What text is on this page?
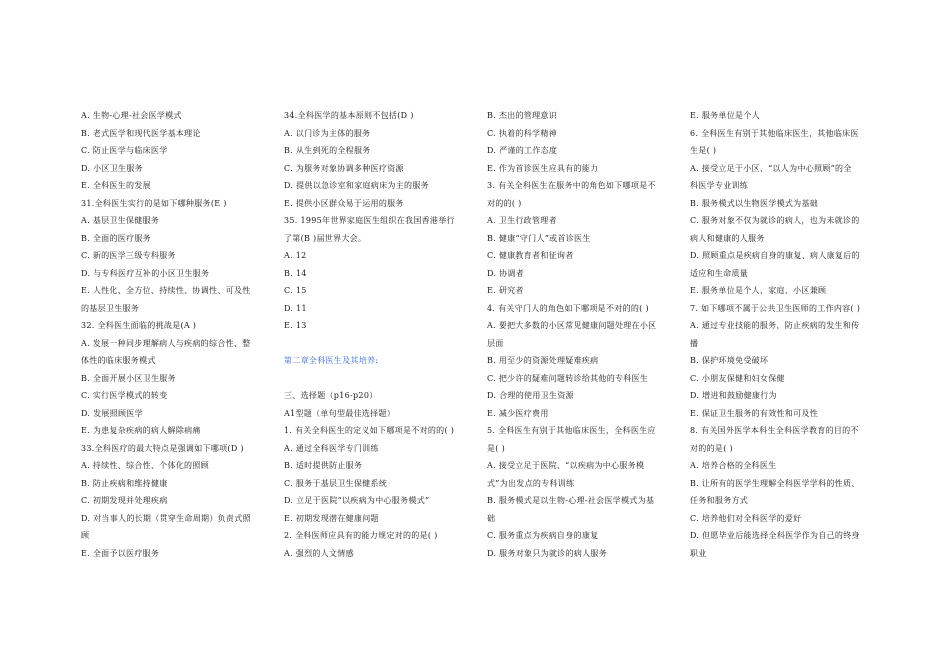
A. 生物-心理-社会医学模式
B. 老式医学和现代医学基本理论
C. 防止医学与临床医学
D. 小区卫生服务
E. 全科医生的发展
31.全科医生实行的是如下哪种服务(E )
A. 基层卫生保健服务
B. 全面的医疗服务
C. 新的医学三级专科服务
D. 与专科医疗互补的小区卫生服务
E. 人性化、全方位、持续性、协调性、可及性
的基层卫生服务
32. 全科医生面临的挑战是(A )
A. 发展一种同步理解病人与疾病的综合性、整
体性的临床服务模式
B. 全面开展小区卫生服务
C. 实行医学模式的转变
D. 发展照顾医学
E. 为患复杂疾病的病人解除病痛
33.全科医疗的最大特点是强调如下哪项(D )
A. 持续性、综合性、个体化的照顾
B. 防止疾病和维持健康
C. 初期发现并处理疾病
D. 对当事人的长期（贯穿生命周期）负责式照
顾
E. 全面予以医疗服务
34.全科医学的基本原则不包括(D )
A. 以门诊为主体的服务
B. 从生到死的全程服务
C. 为服务对象协调多种医疗资源
D. 提供以急诊室和家庭病床为主的服务
E. 提供小区群众易于运用的服务
35. 1995年世界家庭医生组织在我国香港举行
了第(B )届世界大会。
A. 12
B. 14
C. 15
D. 11
E. 13
第二章全科医生及其培养:
三、选择题（p16-p20）
A1型题（单句型最佳选择题）
1. 有关全科医生的定义如下哪项是不对的的( )
A. 通过全科医学专门训练
B. 适时提供防止服务
C. 服务于基层卫生保健系统
D. 立足于医院“以疾病为中心服务模式”
E. 初期发现潜在健康问题
2. 全科医师应具有的能力规定对的的是( )
A. 强烈的人文情感
B. 杰出的管理意识
C. 执着的科学精神
D. 严谨的工作态度
E. 作为首诊医生应具有的能力
3. 有关全科医生在服务中的角色如下哪项是不
对的的( )
A. 卫生行政管理者
B. 健康“守门人”或首诊医生
C. 健康教育者和征询者
D. 协调者
E. 研究者
4. 有关守门人的角色如下哪项是不对的的( )
A. 要把大多数的小区常见健康问题处理在小区
层面
B. 用至少的资源处理疑难疾病
C. 把少许的疑难问题转诊给其他的专科医生
D. 合理的使用卫生资源
E. 减少医疗费用
5. 全科医生有别于其他临床医生，全科医生应
是( )
A. 接受立足于医院、“以疾病为中心服务模
式”为出发点的专科训练
B. 服务模式是以生物-心理-社会医学模式为基
础
C. 服务重点为疾病自身的康复
D. 服务对象只为就诊的病人服务
E. 服务单位是个人
6. 全科医生有别于其他临床医生，其他临床医
生是( )
A. 接受立足于小区、“以人为中心照顾”的全
科医学专业训练
B. 服务模式以生物医学模式为基础
C. 服务对象不仅为就诊的病人，也为未就诊的
病人和健康的人服务
D. 照顾重点是疾病自身的康复、病人康复后的
适应和生命质量
E. 服务单位是个人、家庭、小区兼顾
7. 如下哪项不属于公共卫生医师的工作内容( )
A. 通过专业技能的服务，防止疾病的发生和传
播
B. 保护环境免受破坏
C. 小朋友保健和妇女保健
D. 增进和鼓励健康行为
E. 保证卫生服务的有效性和可及性
8. 有关国外医学本科生全科医学教育的目的不
对的的是( )
A. 培养合格的全科医生
B. 让所有的医学生理解全科医学学科的性质、
任务和服务方式
C. 培养他们对全科医学的爱好
D. 但愿毕业后能选择全科医学作为自己的终身
职业
